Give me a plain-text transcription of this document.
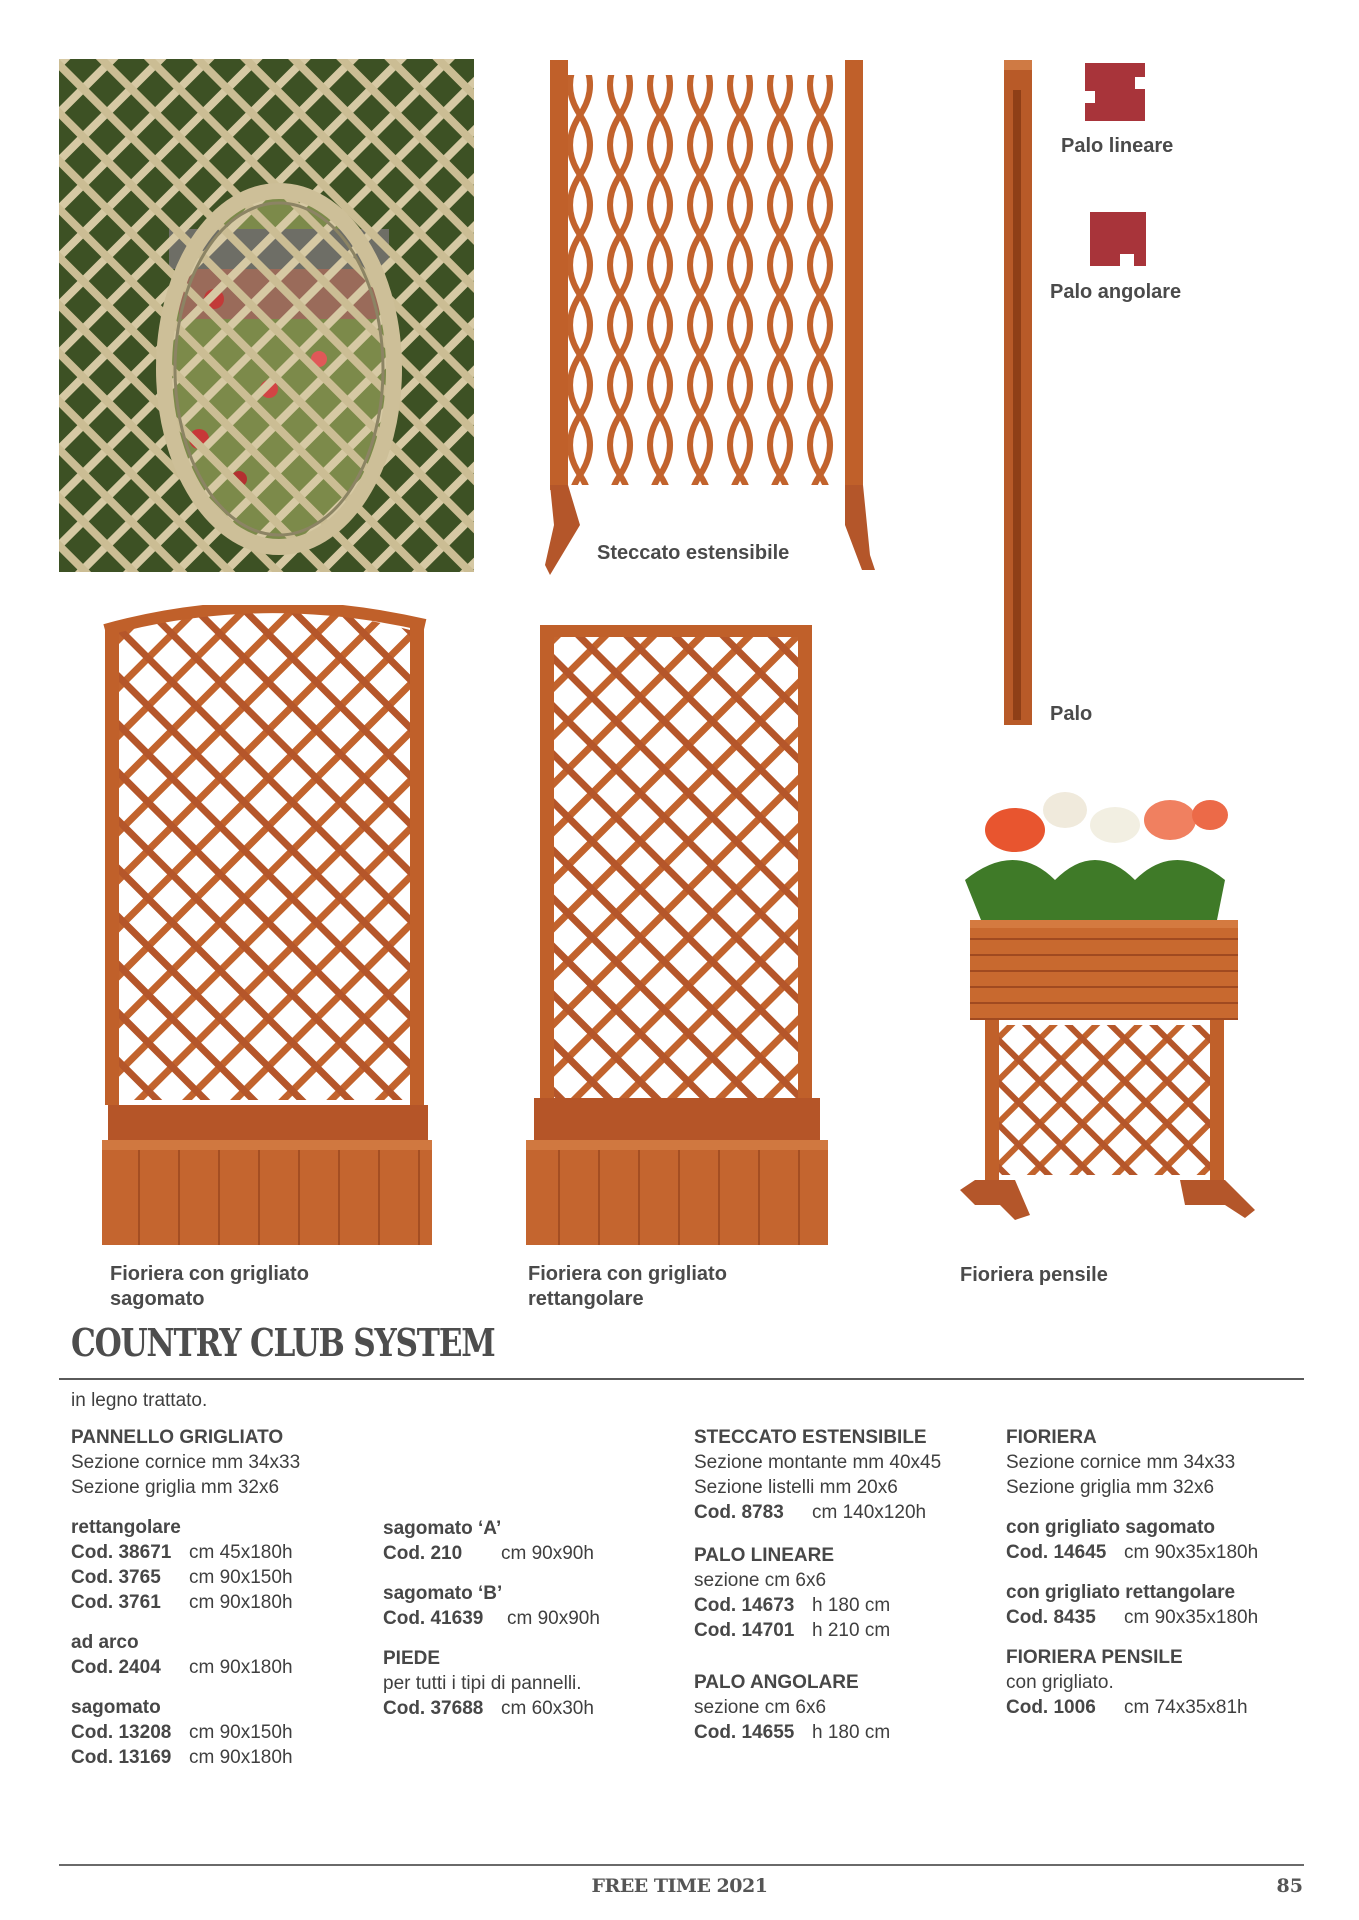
Steccato estensibile
Palo
Palo lineare
Palo angolare
Fioriera con grigliato
sagomato
Fioriera con grigliato
rettangolare
Fioriera pensile
COUNTRY CLUB SYSTEM
in legno trattato.
PANNELLO GRIGLIATO
Sezione cornice mm 34x33
Sezione griglia mm 32x6
rettangolare
Cod. 38671 cm 45x180h
Cod. 3765 cm 90x150h
Cod. 3761 cm 90x180h
ad arco
Cod. 2404 cm 90x180h
sagomato
Cod. 13208 cm 90x150h
Cod. 13169 cm 90x180h
sagomato ‘A’
Cod. 210 cm 90x90h
sagomato ‘B’
Cod. 41639 cm 90x90h
PIEDE
per tutti i tipi di pannelli.
Cod. 37688 cm 60x30h
STECCATO ESTENSIBILE
Sezione montante mm 40x45
Sezione listelli mm 20x6
Cod. 8783 cm 140x120h
PALO LINEARE
sezione cm 6x6
Cod. 14673 h 180 cm
Cod. 14701 h 210 cm
PALO ANGOLARE
sezione cm 6x6
Cod. 14655 h 180 cm
FIORIERA
Sezione cornice mm 34x33
Sezione griglia mm 32x6
con grigliato sagomato
Cod. 14645 cm 90x35x180h
con grigliato rettangolare
Cod. 8435 cm 90x35x180h
FIORIERA PENSILE
con grigliato.
Cod. 1006 cm 74x35x81h
FREE TIME 2021	85
